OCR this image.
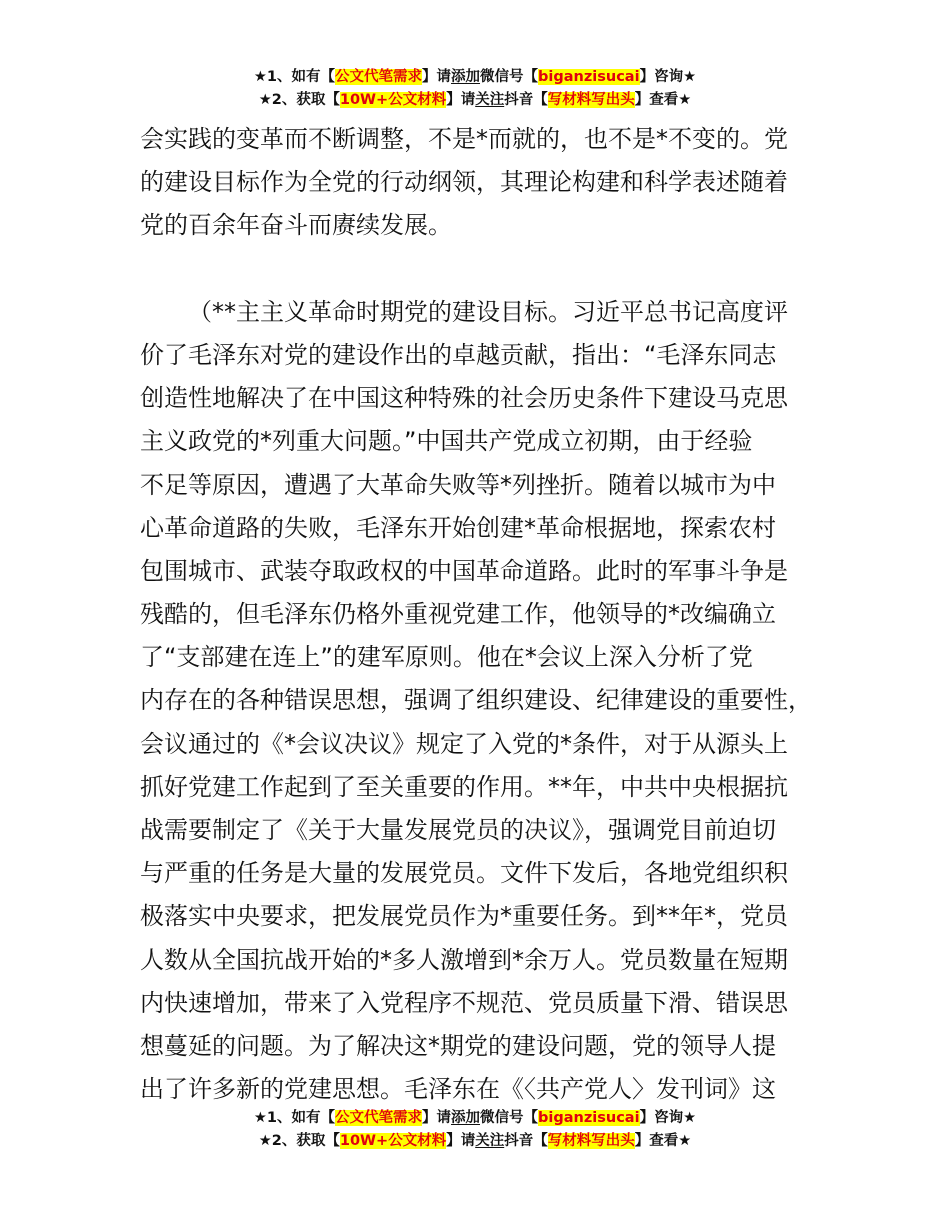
★1、如有【公文代笔需求】请添加微信号【biganzisucai】咨询★
★2、获取【10W+公文材料】请关注抖音【写材料写出头】查看★
会实践的变革而不断调整，不是*而就的，也不是*不变的。党
的建设目标作为全党的行动纲领，其理论构建和科学表述随着
党的百余年奋斗而赓续发展。
（**主主义革命时期党的建设目标。习近平总书记高度评
价了毛泽东对党的建设作出的卓越贡献，指出：“毛泽东同志
创造性地解决了在中国这种特殊的社会历史条件下建设马克思
主义政党的*列重大问题。”中国共产党成立初期，由于经验
不足等原因，遭遇了大革命失败等*列挫折。随着以城市为中
心革命道路的失败，毛泽东开始创建*革命根据地，探索农村
包围城市、武装夺取政权的中国革命道路。此时的军事斗争是
残酷的，但毛泽东仍格外重视党建工作，他领导的*改编确立
了“支部建在连上”的建军原则。他在*会议上深入分析了党
内存在的各种错误思想，强调了组织建设、纪律建设的重要性，
会议通过的《*会议决议》规定了入党的*条件，对于从源头上
抓好党建工作起到了至关重要的作用。**年，中共中央根据抗
战需要制定了《关于大量发展党员的决议》，强调党目前迫切
与严重的任务是大量的发展党员。文件下发后，各地党组织积
极落实中央要求，把发展党员作为*重要任务。到**年*，党员
人数从全国抗战开始的*多人激增到*余万人。党员数量在短期
内快速增加，带来了入党程序不规范、党员质量下滑、错误思
想蔓延的问题。为了解决这*期党的建设问题，党的领导人提
出了许多新的党建思想。毛泽东在《〈共产党人〉发刊词》这
★1、如有【公文代笔需求】请添加微信号【biganzisucai】咨询★
★2、获取【10W+公文材料】请关注抖音【写材料写出头】查看★
